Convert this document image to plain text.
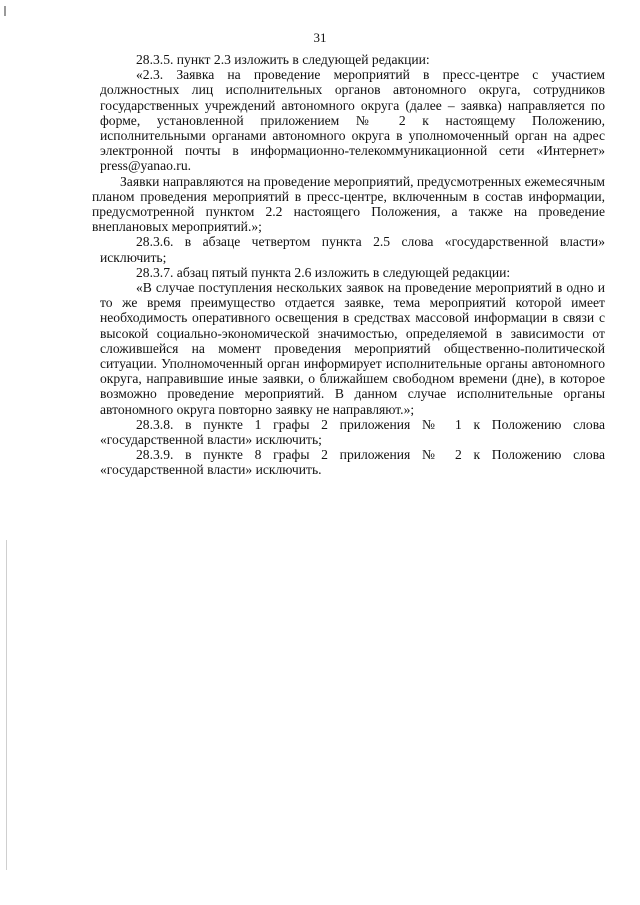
31

28.3.5. пункт 2.3 изложить в следующей редакции:

«2.3. Заявка на проведение мероприятий в пресс-центре с участием должностных лиц исполнительных органов автономного округа, сотрудников государственных учреждений автономного округа (далее – заявка) направляется по форме, установленной приложением № 2 к настоящему Положению, исполнительными органами автономного округа в уполномоченный орган на адрес электронной почты в информационно-телекоммуникационной сети «Интернет» press@yanao.ru.

Заявки направляются на проведение мероприятий, предусмотренных ежемесячным планом проведения мероприятий в пресс-центре, включенным в состав информации, предусмотренной пунктом 2.2 настоящего Положения, а также на проведение внеплановых мероприятий.»;

28.3.6. в абзаце четвертом пункта 2.5 слова «государственной власти» исключить;

28.3.7. абзац пятый пункта 2.6 изложить в следующей редакции:

«В случае поступления нескольких заявок на проведение мероприятий в одно и то же время преимущество отдается заявке, тема мероприятий которой имеет необходимость оперативного освещения в средствах массовой информации в связи с высокой социально-экономической значимостью, определяемой в зависимости от сложившейся на момент проведения мероприятий общественно-политической ситуации. Уполномоченный орган информирует исполнительные органы автономного округа, направившие иные заявки, о ближайшем свободном времени (дне), в которое возможно проведение мероприятий. В данном случае исполнительные органы автономного округа повторно заявку не направляют.»;

28.3.8. в пункте 1 графы 2 приложения № 1 к Положению слова «государственной власти» исключить;

28.3.9. в пункте 8 графы 2 приложения № 2 к Положению слова «государственной власти» исключить.
